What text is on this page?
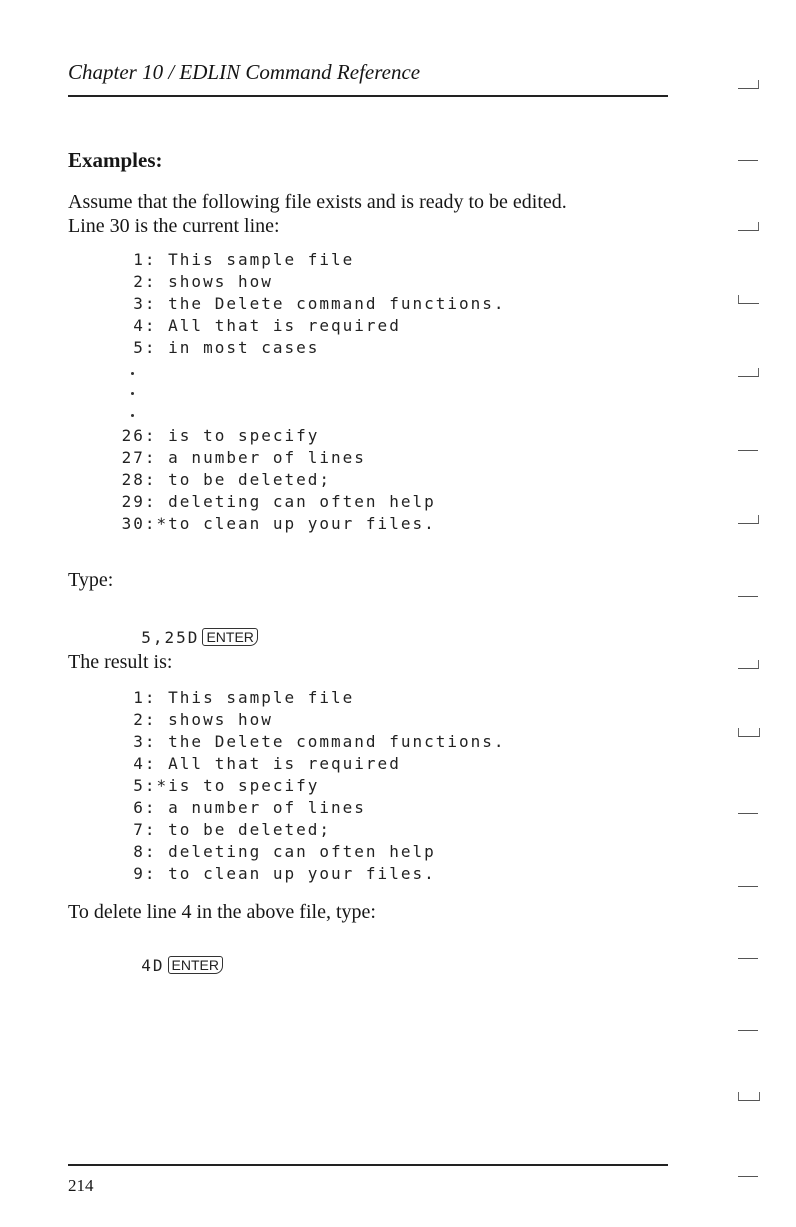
Chapter 10 / EDLIN Command Reference
Examples:
Assume that the following file exists and is ready to be edited.
Line 30 is the current line:

1: This sample file

2: shows how

3: the Delete command functions.

4: All that is required

5: in most cases

26: is to specify

27: a number of lines

28: to be deleted;

29: deleting can often help

30:*to clean up your files.

Type:

5,25D ENTER

The result is:

1: This sample file

2: shows how

3: the Delete command functions.

4: All that is required

5:*is to specify

6: a number of lines

7: to be deleted;

8: deleting can often help

9: to clean up your files.

To delete line 4 in the above file, type:

4D ENTER

214
